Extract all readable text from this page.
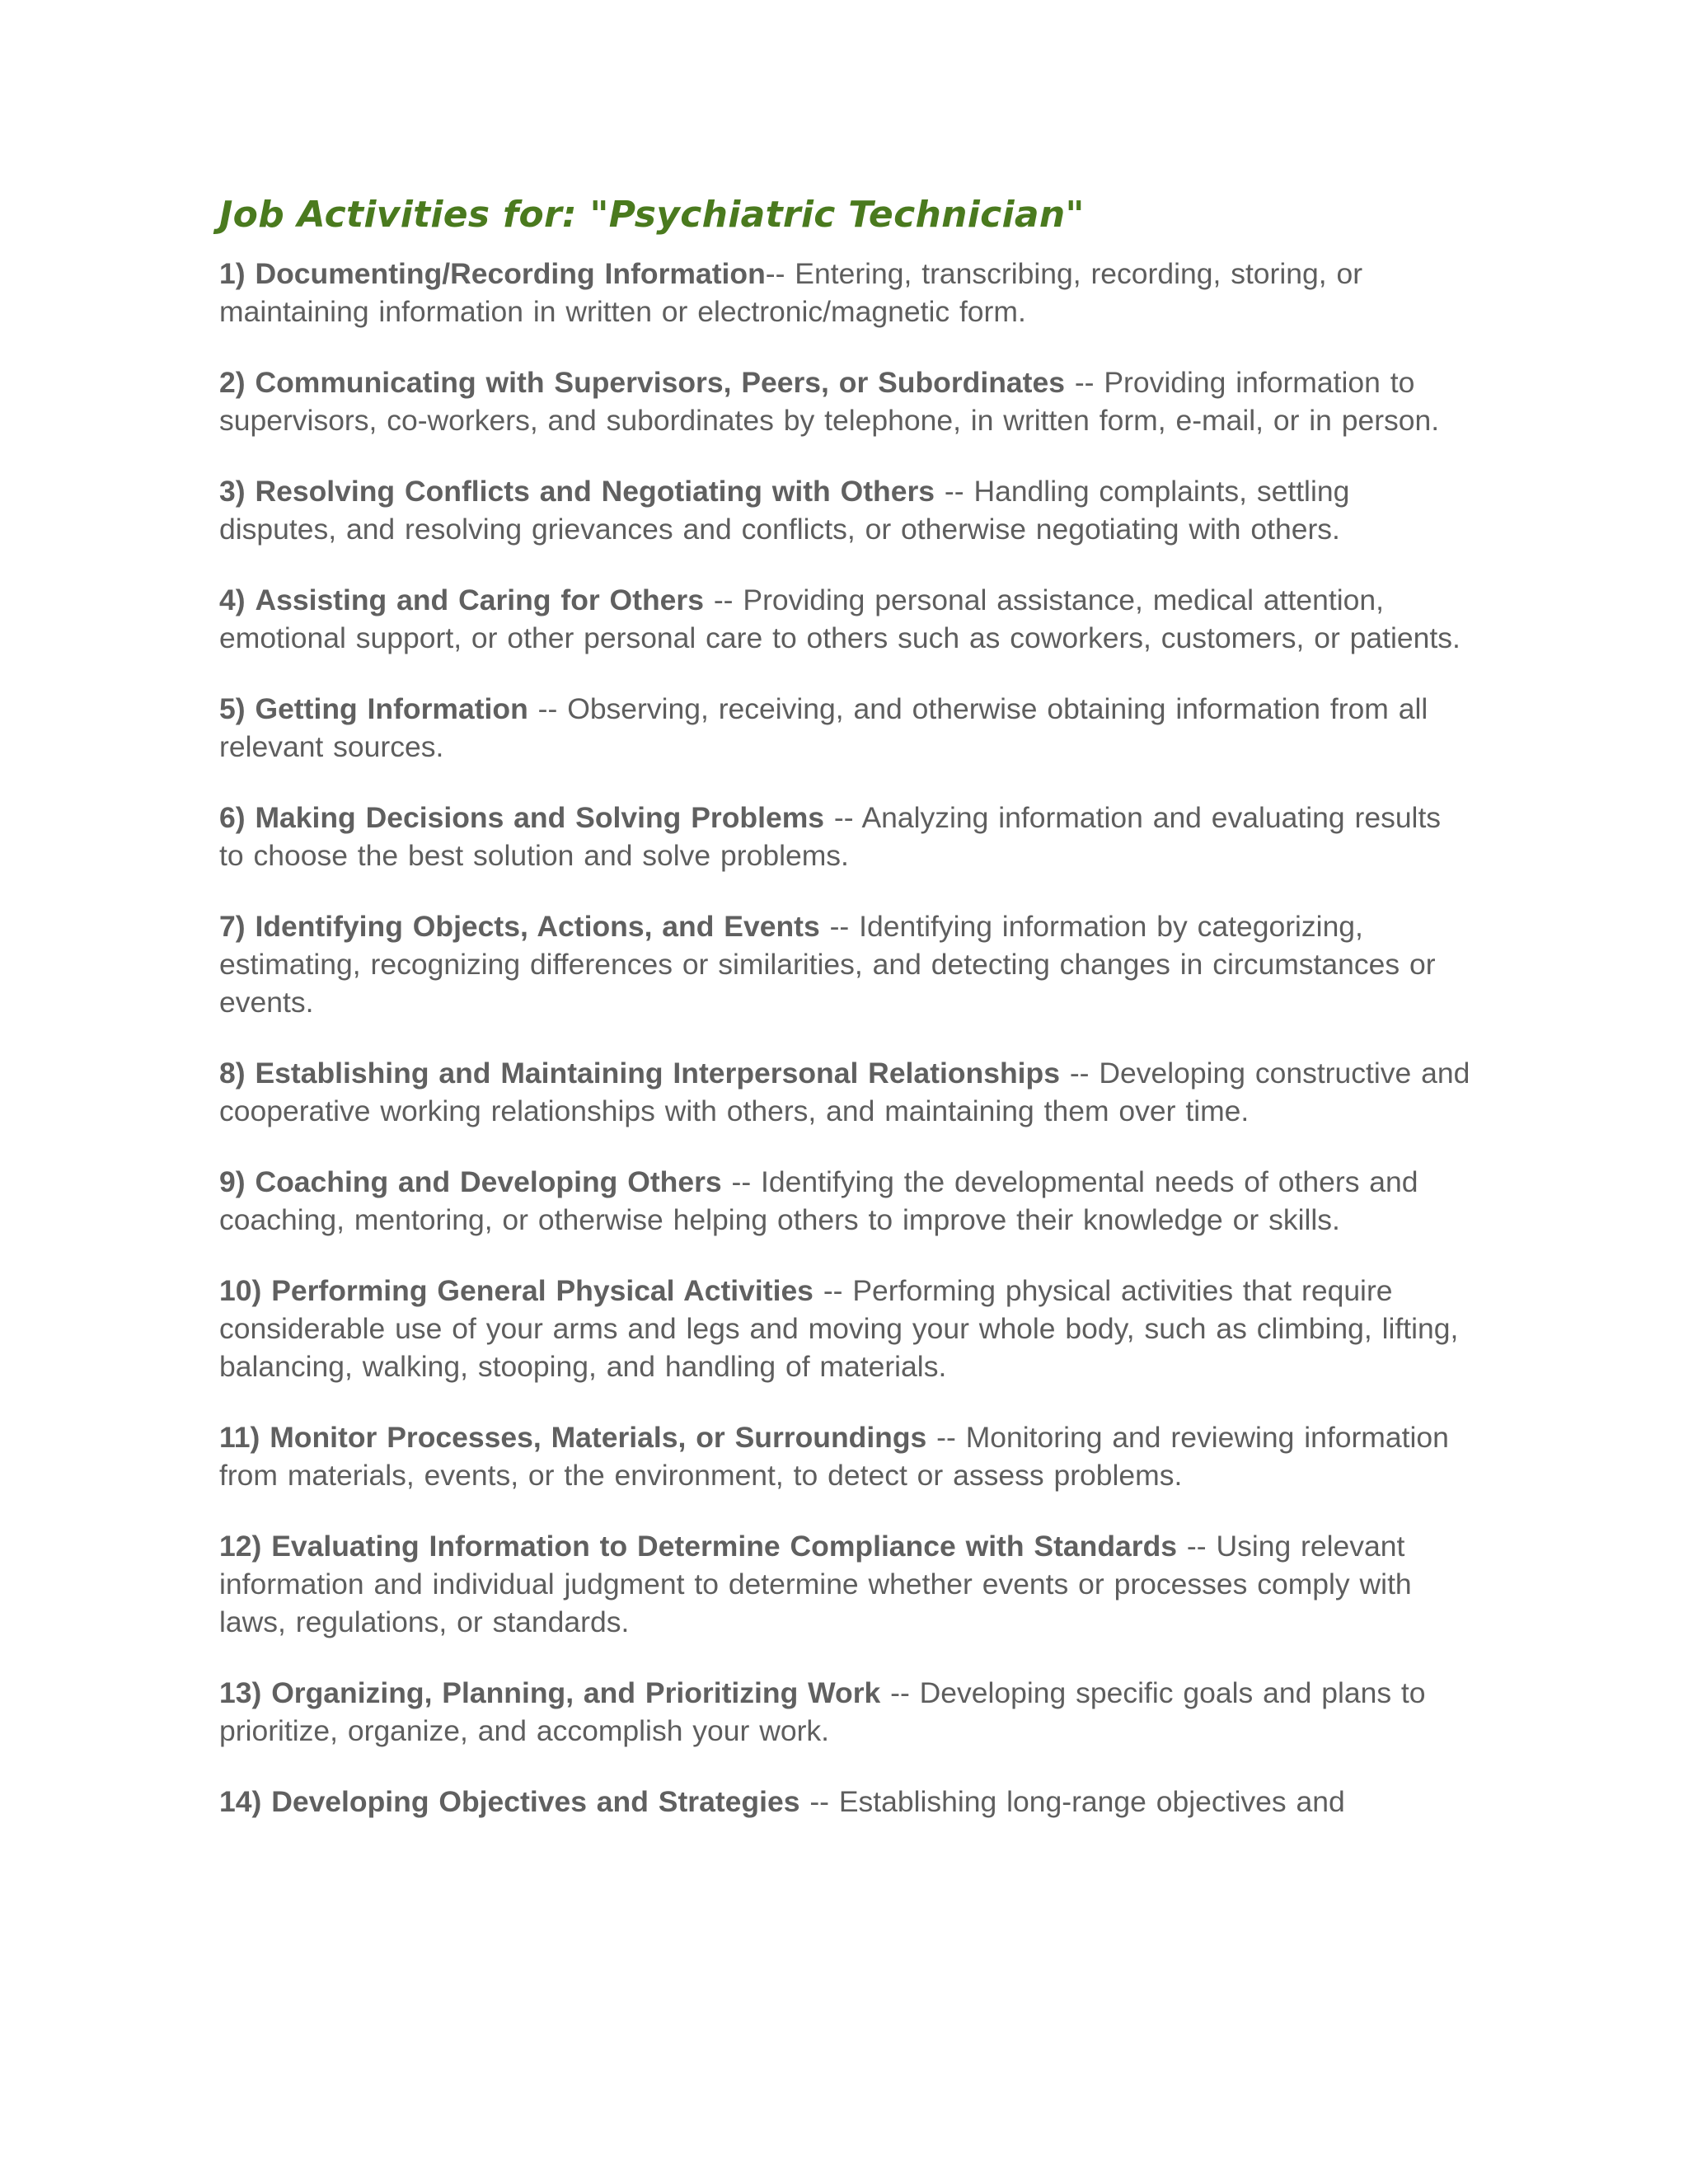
Job Activities for: "Psychiatric Technician"

1) Documenting/Recording Information-- Entering, transcribing, recording, storing, or maintaining information in written or electronic/magnetic form.

2) Communicating with Supervisors, Peers, or Subordinates -- Providing information to supervisors, co-workers, and subordinates by telephone, in written form, e-mail, or in person.

3) Resolving Conflicts and Negotiating with Others -- Handling complaints, settling disputes, and resolving grievances and conflicts, or otherwise negotiating with others.

4) Assisting and Caring for Others -- Providing personal assistance, medical attention, emotional support, or other personal care to others such as coworkers, customers, or patients.

5) Getting Information -- Observing, receiving, and otherwise obtaining information from all relevant sources.

6) Making Decisions and Solving Problems -- Analyzing information and evaluating results to choose the best solution and solve problems.

7) Identifying Objects, Actions, and Events -- Identifying information by categorizing, estimating, recognizing differences or similarities, and detecting changes in circumstances or events.

8) Establishing and Maintaining Interpersonal Relationships -- Developing constructive and cooperative working relationships with others, and maintaining them over time.

9) Coaching and Developing Others -- Identifying the developmental needs of others and coaching, mentoring, or otherwise helping others to improve their knowledge or skills.

10) Performing General Physical Activities -- Performing physical activities that require considerable use of your arms and legs and moving your whole body, such as climbing, lifting, balancing, walking, stooping, and handling of materials.

11) Monitor Processes, Materials, or Surroundings -- Monitoring and reviewing information from materials, events, or the environment, to detect or assess problems.

12) Evaluating Information to Determine Compliance with Standards -- Using relevant information and individual judgment to determine whether events or processes comply with laws, regulations, or standards.

13) Organizing, Planning, and Prioritizing Work -- Developing specific goals and plans to prioritize, organize, and accomplish your work.

14) Developing Objectives and Strategies -- Establishing long-range objectives and
